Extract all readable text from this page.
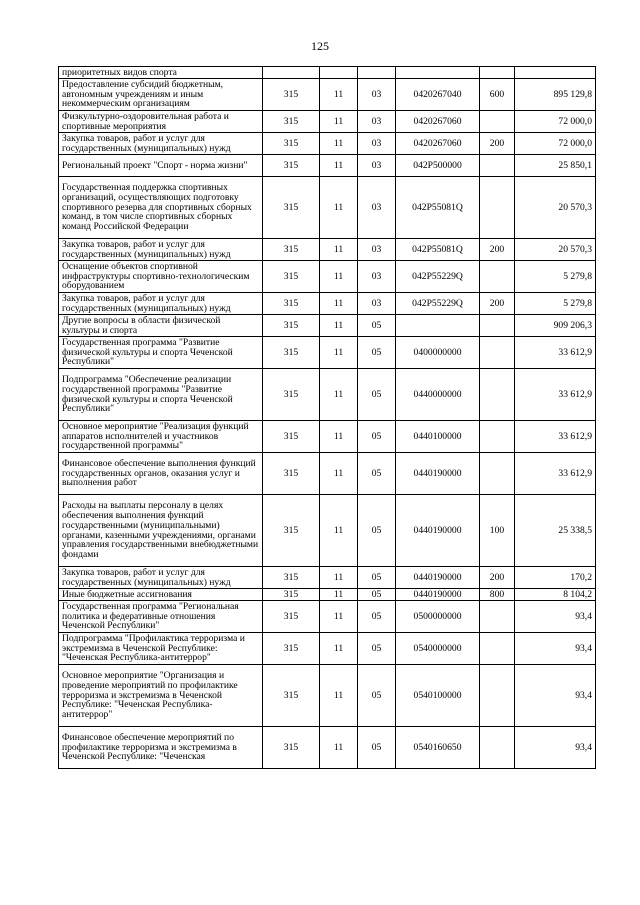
125
приоритетных видов спорта						
Предоставление субсидий бюджетным, автономным учреждениям и иным некоммерческим организациям	315	11	03	0420267040	600	895 129,8
Физкультурно-оздоровительная работа и спортивные мероприятия	315	11	03	0420267060		72 000,0
Закупка товаров, работ и услуг для государственных (муниципальных) нужд	315	11	03	0420267060	200	72 000,0
Региональный проект "Спорт - норма жизни"	315	11	03	042P500000		25 850,1
Государственная поддержка спортивных организаций, осуществляющих подготовку спортивного резерва для спортивных сборных команд, в том числе спортивных сборных команд Российской Федерации	315	11	03	042P55081Q		20 570,3
Закупка товаров, работ и услуг для государственных (муниципальных) нужд	315	11	03	042P55081Q	200	20 570,3
Оснащение объектов спортивной инфраструктуры спортивно-технологическим оборудованием	315	11	03	042P55229Q		5 279,8
Закупка товаров, работ и услуг для государственных (муниципальных) нужд	315	11	03	042P55229Q	200	5 279,8
Другие вопросы в области физической культуры и спорта	315	11	05			909 206,3
Государственная программа "Развитие физической культуры и спорта Чеченской Республики"	315	11	05	0400000000		33 612,9
Подпрограмма "Обеспечение реализации государственной программы "Развитие физической культуры и спорта Чеченской Республики"	315	11	05	0440000000		33 612,9
Основное мероприятие "Реализация функций аппаратов исполнителей и участников государственной программы"	315	11	05	0440100000		33 612,9
Финансовое обеспечение выполнения функций государственных органов, оказания услуг и выполнения работ	315	11	05	0440190000		33 612,9
Расходы на выплаты персоналу в целях обеспечения выполнения функций государственными (муниципальными) органами, казенными учреждениями, органами управления государственными внебюджетными фондами	315	11	05	0440190000	100	25 338,5
Закупка товаров, работ и услуг для государственных (муниципальных) нужд	315	11	05	0440190000	200	170,2
Иные бюджетные ассигнования	315	11	05	0440190000	800	8 104,2
Государственная программа "Региональная политика и федеративные отношения Чеченской Республики"	315	11	05	0500000000		93,4
Подпрограмма "Профилактика терроризма и экстремизма в Чеченской Республике: "Чеченская Республика-антитеррор"	315	11	05	0540000000		93,4
Основное мероприятие "Организация и проведение мероприятий по профилактике терроризма и экстремизма в Чеченской Республике: "Чеченская Республика-антитеррор"	315	11	05	0540100000		93,4
Финансовое обеспечение мероприятий по профилактике терроризма и экстремизма в Чеченской Республике: "Чеченская	315	11	05	0540160650		93,4
